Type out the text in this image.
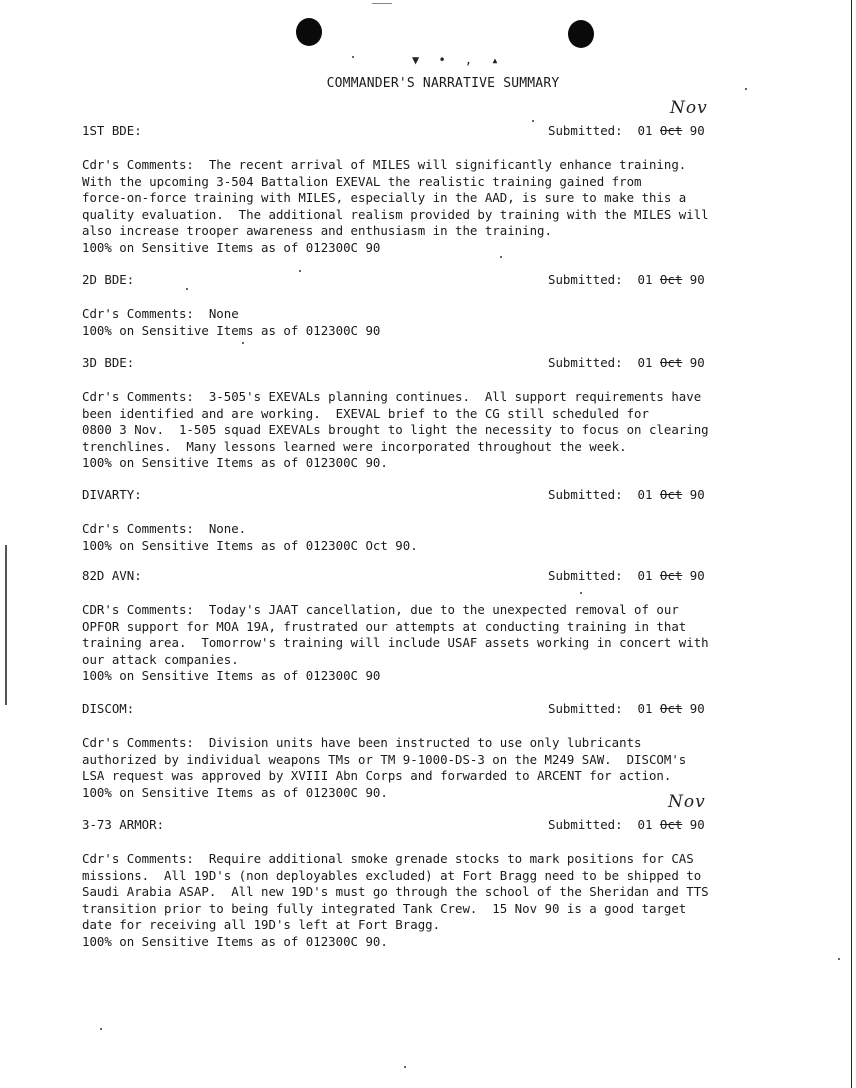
▼ • , ▴
COMMANDER'S NARRATIVE SUMMARY
Nov
Nov
1ST BDE:	Submitted: 01 Oct 90
Cdr's Comments:  The recent arrival of MILES will significantly enhance training.
With the upcoming 3-504 Battalion EXEVAL the realistic training gained from
force-on-force training with MILES, especially in the AAD, is sure to make this a
quality evaluation.  The additional realism provided by training with the MILES will
also increase trooper awareness and enthusiasm in the training.
100% on Sensitive Items as of 012300C 90
2D BDE:	Submitted: 01 Oct 90
Cdr's Comments:  None
100% on Sensitive Items as of 012300C 90
3D BDE:	Submitted: 01 Oct 90
Cdr's Comments:  3-505's EXEVALs planning continues.  All support requirements have
been identified and are working.  EXEVAL brief to the CG still scheduled for
0800 3 Nov.  1-505 squad EXEVALs brought to light the necessity to focus on clearing
trenchlines.  Many lessons learned were incorporated throughout the week.
100% on Sensitive Items as of 012300C 90.
DIVARTY:	Submitted: 01 Oct 90
Cdr's Comments:  None.
100% on Sensitive Items as of 012300C Oct 90.
82D AVN:	Submitted: 01 Oct 90
CDR's Comments:  Today's JAAT cancellation, due to the unexpected removal of our
OPFOR support for MOA 19A, frustrated our attempts at conducting training in that
training area.  Tomorrow's training will include USAF assets working in concert with
our attack companies.
100% on Sensitive Items as of 012300C 90
DISCOM:	Submitted: 01 Oct 90
Cdr's Comments:  Division units have been instructed to use only lubricants
authorized by individual weapons TMs or TM 9-1000-DS-3 on the M249 SAW.  DISCOM's
LSA request was approved by XVIII Abn Corps and forwarded to ARCENT for action.
100% on Sensitive Items as of 012300C 90.
3-73 ARMOR:	Submitted: 01 Oct 90
Cdr's Comments:  Require additional smoke grenade stocks to mark positions for CAS
missions.  All 19D's (non deployables excluded) at Fort Bragg need to be shipped to
Saudi Arabia ASAP.  All new 19D's must go through the school of the Sheridan and TTS
transition prior to being fully integrated Tank Crew.  15 Nov 90 is a good target
date for receiving all 19D's left at Fort Bragg.
100% on Sensitive Items as of 012300C 90.
